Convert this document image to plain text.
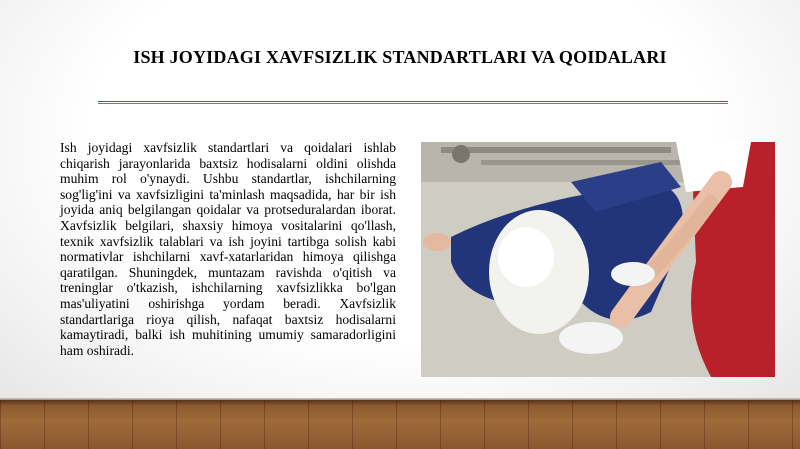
ISH JOYIDAGI XAVFSIZLIK STANDARTLARI VA QOIDALARI

Ish joyidagi xavfsizlik standartlari va qoidalari ishlab chiqarish jarayonlarida baxtsiz hodisalarni oldini olishda muhim rol o'ynaydi. Ushbu standartlar, ishchilarning sog'lig'ini va xavfsizligini ta'minlash maqsadida, har bir ish joyida aniq belgilangan qoidalar va protseduralardan iborat. Xavfsizlik belgilari, shaxsiy himoya vositalarini qo'llash, texnik xavfsizlik talablari va ish joyini tartibga solish kabi normativlar ishchilarni xavf-xatarlaridan himoya qilishga qaratilgan. Shuningdek, muntazam ravishda o'qitish va treninglar o'tkazish, ishchilarning xavfsizlikka bo'lgan mas'uliyatini oshirishga yordam beradi. Xavfsizlik standartlariga rioya qilish, nafaqat baxtsiz hodisalarni kamaytiradi, balki ish muhitining umumiy samaradorligini ham oshiradi.
